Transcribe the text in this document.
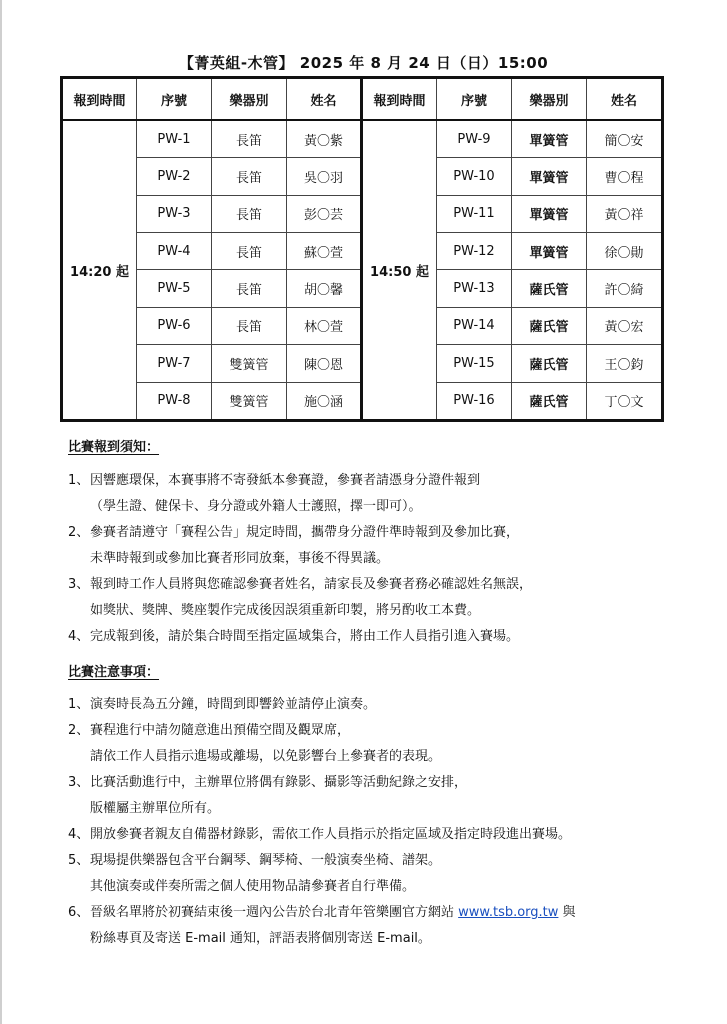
【菁英組-木管】 2025 年 8 月 24 日（日）15:00
報到時間	序號	樂器別	姓名	報到時間	序號	樂器別	姓名
14:20 起	PW-1	長笛	黃〇紫	14:50 起	PW-9	單簧管	簡〇安
	PW-2	長笛	吳〇羽		PW-10	單簧管	曹〇程
	PW-3	長笛	彭〇芸		PW-11	單簧管	黃〇祥
	PW-4	長笛	蘇〇萱		PW-12	單簧管	徐〇勛
	PW-5	長笛	胡〇馨		PW-13	薩氏管	許〇綺
	PW-6	長笛	林〇萱		PW-14	薩氏管	黃〇宏
	PW-7	雙簧管	陳〇恩		PW-15	薩氏管	王〇鈞
	PW-8	雙簧管	施〇涵		PW-16	薩氏管	丁〇文
比賽報到須知：
1、 因響應環保，本賽事將不寄發紙本參賽證，參賽者請憑身分證件報到
（學生證、健保卡、身分證或外籍人士護照，擇一即可）。
2、 參賽者請遵守「賽程公告」規定時間，攜帶身分證件準時報到及參加比賽，
未準時報到或參加比賽者形同放棄，事後不得異議。
3、 報到時工作人員將與您確認參賽者姓名，請家長及參賽者務必確認姓名無誤，
如獎狀、獎牌、獎座製作完成後因誤須重新印製，將另酌收工本費。
4、 完成報到後，請於集合時間至指定區域集合，將由工作人員指引進入賽場。
比賽注意事項：
1、 演奏時長為五分鐘，時間到即響鈴並請停止演奏。
2、 賽程進行中請勿隨意進出預備空間及觀眾席，
請依工作人員指示進場或離場，以免影響台上參賽者的表現。
3、 比賽活動進行中，主辦單位將偶有錄影、攝影等活動紀錄之安排，
版權屬主辦單位所有。
4、 開放參賽者親友自備器材錄影，需依工作人員指示於指定區域及指定時段進出賽場。
5、 現場提供樂器包含平台鋼琴、鋼琴椅、一般演奏坐椅、譜架。
其他演奏或伴奏所需之個人使用物品請參賽者自行準備。
6、 晉級名單將於初賽結束後一週內公告於台北青年管樂團官方網站 www.tsb.org.tw 與
粉絲專頁及寄送 E-mail 通知，評語表將個別寄送 E-mail。
